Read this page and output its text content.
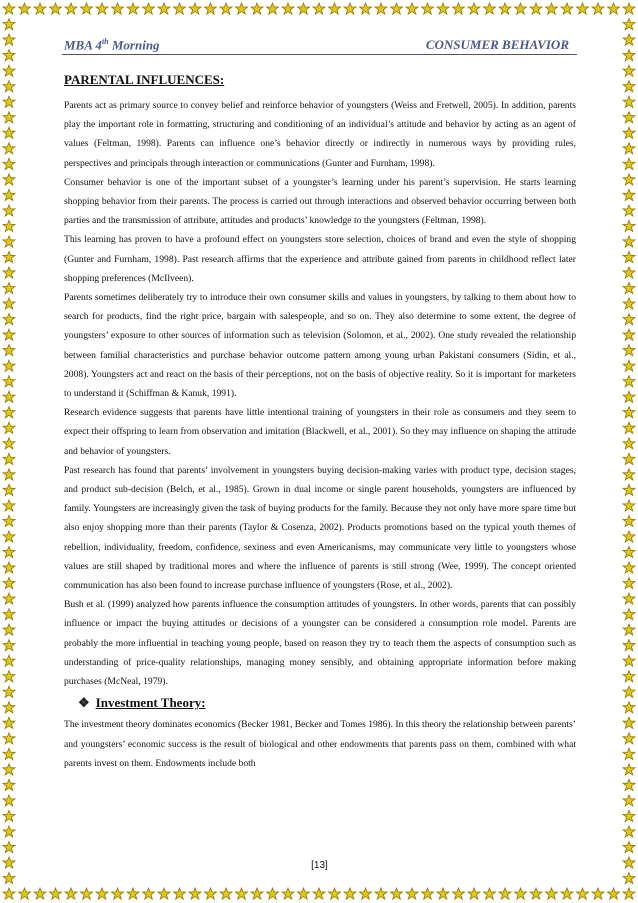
MBA 4th Morning	CONSUMER BEHAVIOR
PARENTAL INFLUENCES:

Parents act as primary source to convey belief and reinforce behavior of youngsters (Weiss and Fretwell, 2005). In addition, parents play the important role in formatting, structuring and conditioning of an individual’s attitude and behavior by acting as an agent of values (Feltman, 1998). Parents can influence one’s behavior directly or indirectly in numerous ways by providing rules, perspectives and principals through interaction or communications (Gunter and Furnham, 1998).

Consumer behavior is one of the important subset of a youngster’s learning under his parent’s supervision. He starts learning shopping behavior from their parents. The process is carried out through interactions and observed behavior occurring between both parties and the transmission of attribute, attitudes and products’ knowledge to the youngsters (Feltman, 1998).

This learning has proven to have a profound effect on youngsters store selection, choices of brand and even the style of shopping (Gunter and Furnham, 1998). Past research affirms that the experience and attribute gained from parents in childhood reflect later shopping preferences (McIlveen).

Parents sometimes deliberately try to introduce their own consumer skills and values in youngsters, by talking to them about how to search for products, find the right price, bargain with salespeople, and so on. They also determine to some extent, the degree of youngsters’ exposure to other sources of information such as television (Solomon, et al., 2002). One study revealed the relationship between familial characteristics and purchase behavior outcome pattern among young urban Pakistani consumers (Sidin, et al., 2008). Youngsters act and react on the basis of their perceptions, not on the basis of objective reality. So it is important for marketers to understand it (Schiffman & Kanuk, 1991).

Research evidence suggests that parents have little intentional training of youngsters in their role as consumers and they seem to expect their offspring to learn from observation and imitation (Blackwell, et al., 2001). So they may influence on shaping the attitude and behavior of youngsters.

Past research has found that parents’ involvement in youngsters buying decision-making varies with product type, decision stages, and product sub-decision (Belch, et al., 1985). Grown in dual income or single parent households, youngsters are influenced by family. Youngsters are increasingly given the task of buying products for the family. Because they not only have more spare time but also enjoy shopping more than their parents (Taylor & Cosenza, 2002). Products promotions based on the typical youth themes of rebellion, individuality, freedom, confidence, sexiness and even Americanisms, may communicate very little to youngsters whose values are still shaped by traditional mores and where the influence of parents is still strong (Wee, 1999). The concept oriented communication has also been found to increase purchase influence of youngsters (Rose, et al., 2002).

Bush et al. (1999) analyzed how parents influence the consumption attitudes of youngsters. In other words, parents that can possibly influence or impact the buying attitudes or decisions of a youngster can be considered a consumption role model. Parents are probably the more influential in teaching young people, based on reason they try to teach them the aspects of consumption such as understanding of price-quality relationships, managing money sensibly, and obtaining appropriate information before making purchases (McNeal, 1979).

❖ Investment Theory:

The investment theory dominates economics (Becker 1981, Becker and Tomes 1986). In this theory the relationship between parents’ and youngsters’ economic success is the result of biological and other endowments that parents pass on them, combined with what parents invest on them. Endowments include both

[13]
